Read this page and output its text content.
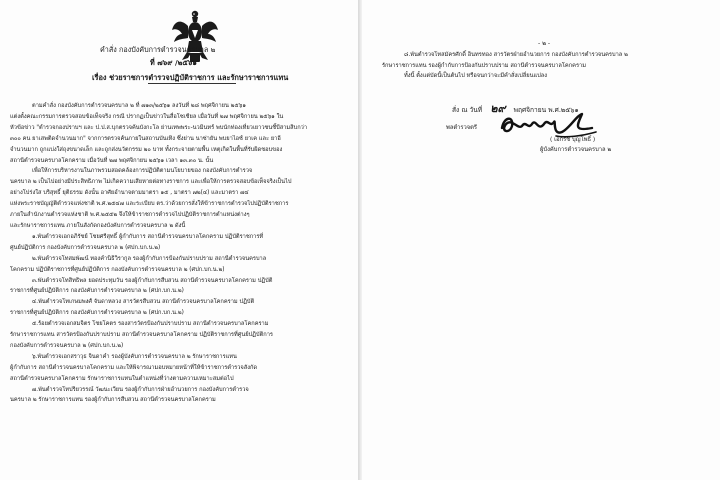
คำสั่ง กองบังคับการตำรวจนครบาล ๒
ที่ ๗๖๙ /๒๕๖๑
เรื่อง ช่วยราชการตำรวจปฏิบัติราชการ และรักษาราชการแทน
ตามคำสั่ง กองบังคับการตำรวจนครบาล ๒ ที่ ๗๑๓/๒๕๖๑ ลงวันที่ ๒๘ พฤศจิกายน ๒๕๖๑
แต่งตั้งคณะกรรมการตรวจสอบข้อเท็จจริง กรณี ปรากฏเป็นข่าวในสื่อโซเชียล เมื่อวันที่ ๒๗ พฤศจิกายน ๒๕๖๑ ใน
หัวข้อข่าว "ตำรวจกองปราบฯ และ ป.ป.ส.บุกตรวจค้นบังกะโล ย่านเทพพระ-นวมินทร์ พบนักท่องเที่ยวเยาวชนชี้บีสามสิบกว่า
๓๐๐ คน ยาเสพติดจำนวนมาก" จากการตรวจค้นภายในสถานบันเทิง ซึ่งย่าน นาซ่ายัน พบยาไอซ์ ยาเค และ ยาอี
จำนวนมาก ถูกแบ่งใส่ถุงขนาดเล็ก และถูกส่งนวัตกรรม ๒๐ บาท ทั้งกระจายตามพื้น เหตุเกิดในพื้นที่รับผิดชอบของ
สถานีตำรวจนครบาลโคกคราม เมื่อวันที่ ๒๗ พฤศจิกายน ๒๕๖๑ เวลา ๑๓.๓๐ น. นั้น
เพื่อให้การบริหารงานในภาพรวมสอดคล้องการปฏิบัติตามนโยบายของ กองบังคับการตำรวจ
นครบาล ๒ เป็นไปอย่างมีประสิทธิภาพ ไม่เกิดความเสียหายต่อทางราชการ และเพื่อให้การตรวจสอบข้อเท็จจริงเป็นไป
อย่างโปร่งใส บริสุทธิ์ ยุติธรรม ดังนั้น อาศัยอำนาจตามมาตรา ๑๕ , มาตรา ๗๒(๔) และมาตรา ๗๔
แห่งพระราชบัญญัติตำรวจแห่งชาติ พ.ศ.๒๕๔๗ และระเบียบ ตร.ว่าด้วยการสั่งให้ข้าราชการตำรวจไปปฏิบัติราชการ
ภายในสำนักงานตำรวจแห่งชาติ พ.ศ.๒๕๕๒ จึงให้ข้าราชการตำรวจไปปฏิบัติราชการตำแหน่งต่างๆ
และรักษาราชการแทน ภายในสังกัดกองบังคับการตำรวจนครบาล ๒ ดังนี้
๑.พันตำรวจเอกอภิรัชย์ โชยศรีสุทธิ์ ผู้กำกับการ สถานีตำรวจนครบาลโคกคราม ปฏิบัติราชการที่
ศูนย์ปฏิบัติการ กองบังคับการตำรวจนครบาล ๒ (ศปก.บก.น.๒)
๒.พันตำรวจโทสมพัฒน์ ทองคำนิธิวิรากูล รองผู้กำกับการป้องกันปราบปราม สถานีตำรวจนครบาล
โคกคราม ปฏิบัติราชการที่ศูนย์ปฏิบัติการ กองบังคับการตำรวจนครบาล ๒ (ศปก.บก.น.๒)
๓.พันตำรวจโทสิทธิพล ยอดประทุมวัน รองผู้กำกับการสืบสวน สถานีตำรวจนครบาลโคกคราม ปฏิบัติ
ราชการที่ศูนย์ปฏิบัติการ กองบังคับการตำรวจนครบาล ๒ (ศปก.บก.น.๒)
๔.พันตำรวจโทเกษมพงศ์ จันดาหลวง สารวัตรสืบสวน สถานีตำรวจนครบาลโคกคราม ปฏิบัติ
ราชการที่ศูนย์ปฏิบัติการ กองบังคับการตำรวจนครบาล ๒ (ศปก.บก.น.๒)
๕.ร้อยตำรวจเอกสมจิตร โชยโคตร รองสารวัตรป้องกันปราบปราม สถานีตำรวจนครบาลโคกคราม
รักษาราชการแทน สารวัตรป้องกันปราบปราม สถานีตำรวจนครบาลโคกคราม ปฏิบัติราชการที่ศูนย์ปฏิบัติการ
กองบังคับการตำรวจนครบาล ๒ (ศปก.บก.น.๒)
๖.พันตำรวจเอกสราวุธ จินดาคำ รองผู้บังคับการตำรวจนครบาล ๒ รักษาราชการแทน
ผู้กำกับการ สถานีตำรวจนครบาลโคกคราม และให้พิจารณามอบหมายหน้าที่ให้ข้าราชการตำรวจสังกัด
สถานีตำรวจนครบาลโคกคราม รักษาราชการแทนในตำแหน่งที่ว่างตามความเหมาะสมต่อไป
๗.พันตำรวจโทปริยวรรณ์ วัฒนะเวียน รองผู้กำกับการฝ่ายอำนวยการ กองบังคับการตำรวจ
นครบาล ๒ รักษาราชการแทน รองผู้กำกับการสืบสวน สถานีตำรวจนครบาลโคกคราม
- ๒ -
๘.พันตำรวจโทสมัครศักดิ์ อินทรทอง สารวัตรฝ่ายอำนวยการ กองบังคับการตำรวจนครบาล ๒
รักษาราชการแทน รองผู้กำกับการป้องกันปราบปราม สถานีตำรวจนครบาลโคกคราม
ทั้งนี้ ตั้งแต่บัดนี้เป็นต้นไป หรือจนกว่าจะมีคำสั่งเปลี่ยนแปลง
สั่ง ณ วันที่ ๒๙ พฤศจิกายน พ.ศ.๒๕๖๑
พลตำรวจตรี
( เอกรัช บุญโพธิ์ )
ผู้บังคับการตำรวจนครบาล ๒
